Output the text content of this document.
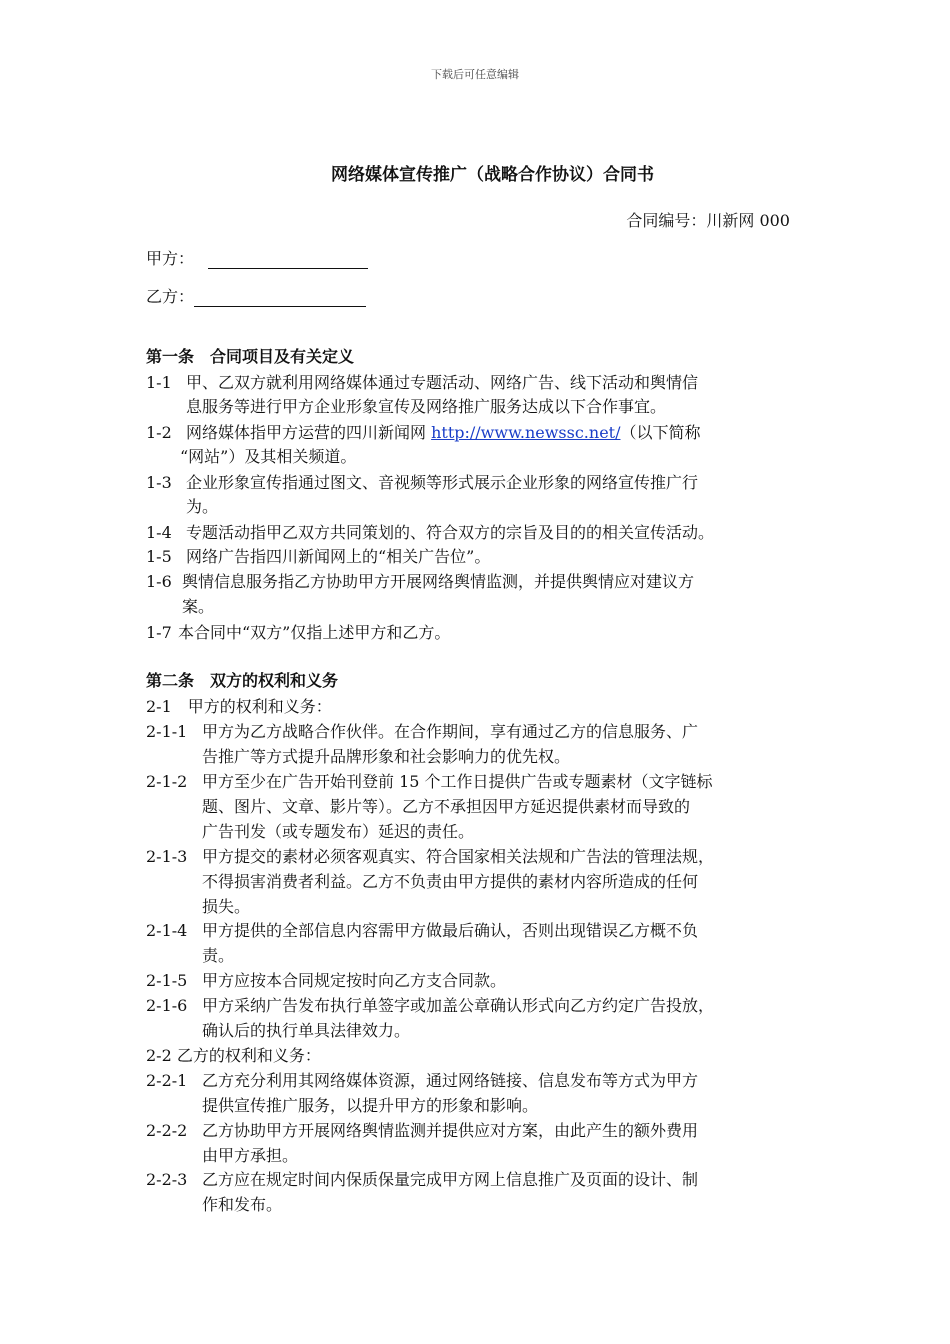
下载后可任意编辑
网络媒体宣传推广（战略合作协议）合同书
合同编号：川新网 000
甲方：
乙方：
第一条　合同项目及有关定义
1-1 甲、乙双方就利用网络媒体通过专题活动、网络广告、线下活动和舆情信
息服务等进行甲方企业形象宣传及网络推广服务达成以下合作事宜。
1-2 网络媒体指甲方运营的四川新闻网 http://www.newssc.net/（以下简称
“网站”）及其相关频道。
1-3 企业形象宣传指通过图文、音视频等形式展示企业形象的网络宣传推广行
为。
1-4 专题活动指甲乙双方共同策划的、符合双方的宗旨及目的的相关宣传活动。
1-5 网络广告指四川新闻网上的“相关广告位”。
1-6 舆情信息服务指乙方协助甲方开展网络舆情监测，并提供舆情应对建议方
案。
1-7 本合同中“双方”仅指上述甲方和乙方。
第二条　双方的权利和义务
2-1　甲方的权利和义务：
2-1-1 甲方为乙方战略合作伙伴。在合作期间，享有通过乙方的信息服务、广
告推广等方式提升品牌形象和社会影响力的优先权。
2-1-2 甲方至少在广告开始刊登前 15 个工作日提供广告或专题素材（文字链标
题、图片、文章、影片等）。乙方不承担因甲方延迟提供素材而导致的
广告刊发（或专题发布）延迟的责任。
2-1-3 甲方提交的素材必须客观真实、符合国家相关法规和广告法的管理法规，
不得损害消费者利益。乙方不负责由甲方提供的素材内容所造成的任何
损失。
2-1-4 甲方提供的全部信息内容需甲方做最后确认，否则出现错误乙方概不负
责。
2-1-5 甲方应按本合同规定按时向乙方支合同款。
2-1-6 甲方采纳广告发布执行单签字或加盖公章确认形式向乙方约定广告投放，
确认后的执行单具法律效力。
2-2 乙方的权利和义务：
2-2-1 乙方充分利用其网络媒体资源，通过网络链接、信息发布等方式为甲方
提供宣传推广服务，以提升甲方的形象和影响。
2-2-2 乙方协助甲方开展网络舆情监测并提供应对方案，由此产生的额外费用
由甲方承担。
2-2-3 乙方应在规定时间内保质保量完成甲方网上信息推广及页面的设计、制
作和发布。
